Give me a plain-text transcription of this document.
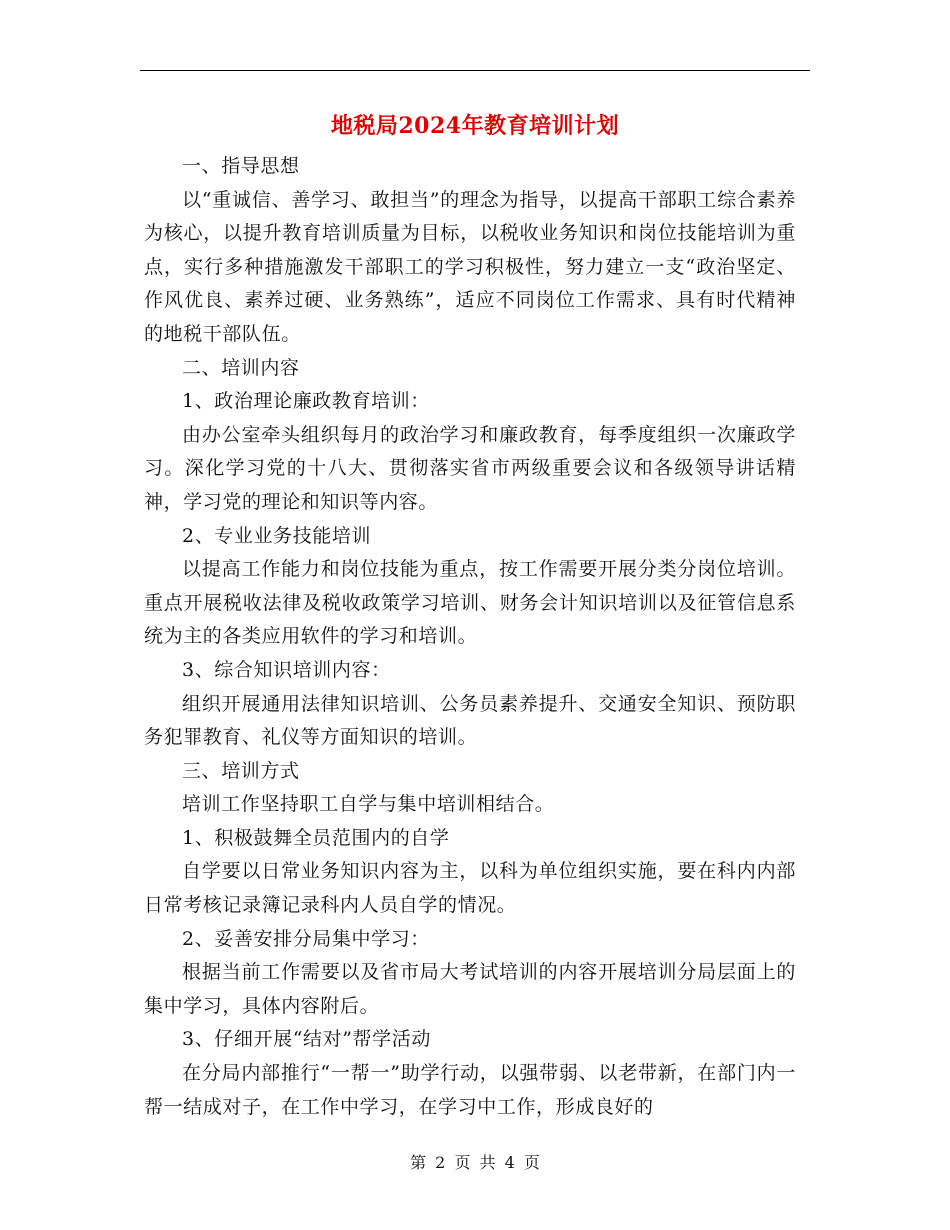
地税局2024年教育培训计划

一、指导思想

以“重诚信、善学习、敢担当”的理念为指导，以提高干部职工综合素养为核心，以提升教育培训质量为目标，以税收业务知识和岗位技能培训为重点，实行多种措施激发干部职工的学习积极性，努力建立一支“政治坚定、作风优良、素养过硬、业务熟练”，适应不同岗位工作需求、具有时代精神的地税干部队伍。

二、培训内容

1、政治理论廉政教育培训：

由办公室牵头组织每月的政治学习和廉政教育，每季度组织一次廉政学习。深化学习党的十八大、贯彻落实省市两级重要会议和各级领导讲话精神，学习党的理论和知识等内容。

2、专业业务技能培训

以提高工作能力和岗位技能为重点，按工作需要开展分类分岗位培训。重点开展税收法律及税收政策学习培训、财务会计知识培训以及征管信息系统为主的各类应用软件的学习和培训。

3、综合知识培训内容：

组织开展通用法律知识培训、公务员素养提升、交通安全知识、预防职务犯罪教育、礼仪等方面知识的培训。

三、培训方式

培训工作坚持职工自学与集中培训相结合。

1、积极鼓舞全员范围内的自学

自学要以日常业务知识内容为主，以科为单位组织实施，要在科内内部日常考核记录簿记录科内人员自学的情况。

2、妥善安排分局集中学习：

根据当前工作需要以及省市局大考试培训的内容开展培训分局层面上的集中学习，具体内容附后。

3、仔细开展“结对”帮学活动

在分局内部推行“一帮一”助学行动，以强带弱、以老带新，在部门内一帮一结成对子，在工作中学习，在学习中工作，形成良好的

第 2 页 共 4 页
